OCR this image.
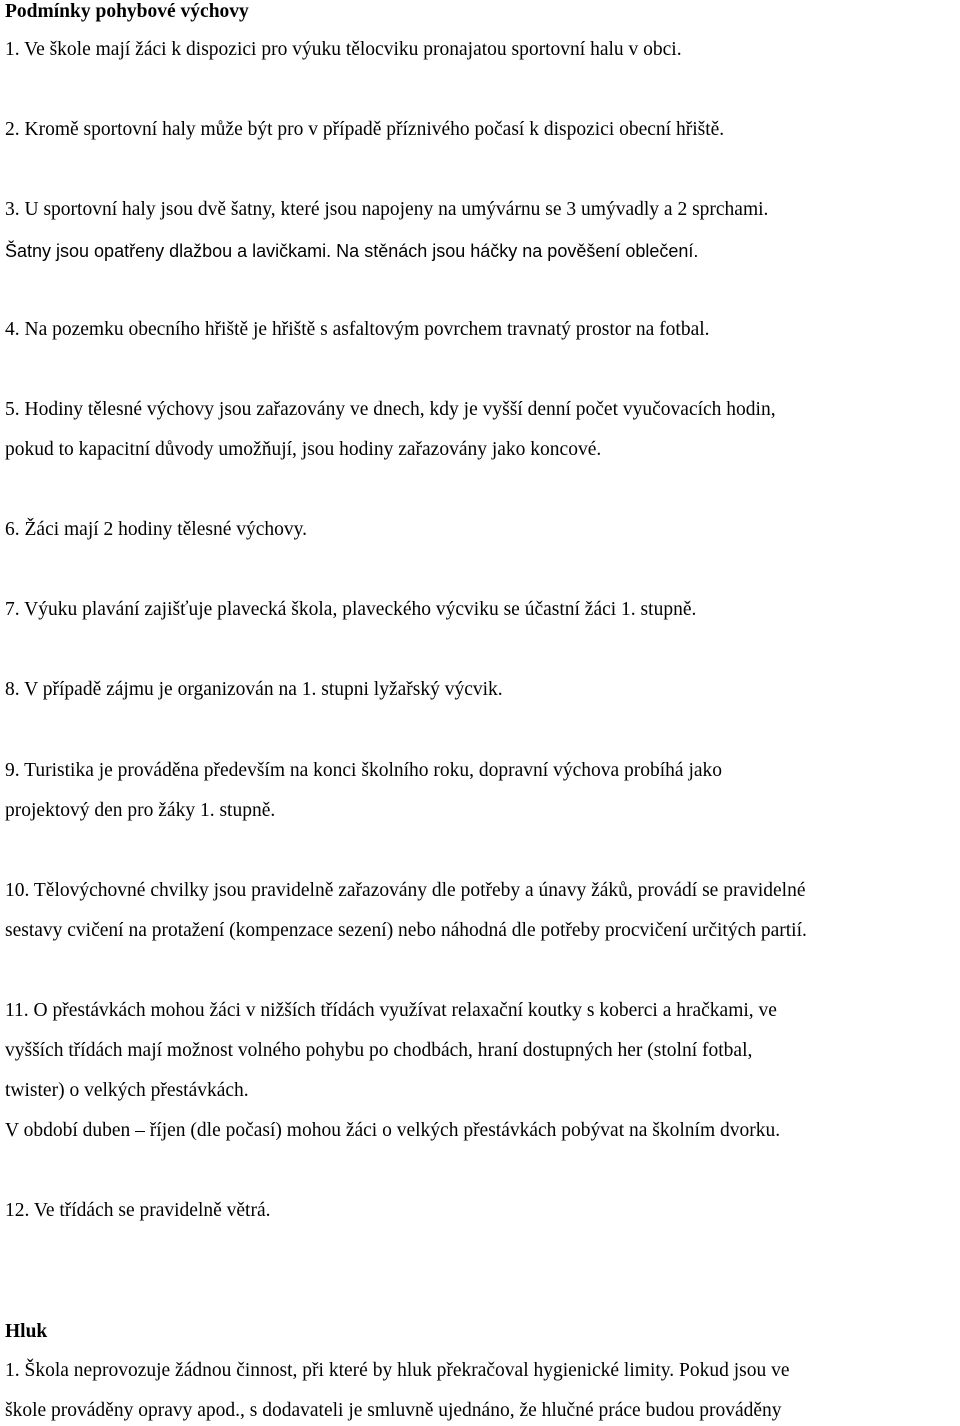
Podmínky pohybové výchovy
1. Ve škole mají žáci k dispozici pro výuku tělocviku pronajatou sportovní halu v obci.
2. Kromě sportovní haly může být pro v případě příznivého počasí k dispozici obecní hřiště.
3. U sportovní haly jsou dvě šatny, které jsou napojeny na umývárnu se 3 umývadly a 2 sprchami.
Šatny jsou opatřeny dlažbou a lavičkami. Na stěnách jsou háčky na pověšení oblečení.
4. Na pozemku obecního hřiště je hřiště s asfaltovým povrchem travnatý prostor na fotbal.
5. Hodiny tělesné výchovy jsou zařazovány ve dnech, kdy je vyšší denní počet vyučovacích hodin,
pokud to kapacitní důvody umožňují, jsou hodiny zařazovány jako koncové.
6. Žáci mají 2 hodiny tělesné výchovy.
7. Výuku plavání zajišťuje plavecká škola, plaveckého výcviku se účastní žáci 1. stupně.
8. V případě zájmu je organizován na 1. stupni lyžařský výcvik.
9. Turistika je prováděna především na konci školního roku, dopravní výchova probíhá jako
projektový den pro žáky 1. stupně.
10. Tělovýchovné chvilky jsou pravidelně zařazovány dle potřeby a únavy žáků, provádí se pravidelné
sestavy cvičení na protažení (kompenzace sezení) nebo náhodná dle potřeby procvičení určitých partií.
11. O přestávkách mohou žáci v nižších třídách využívat relaxační koutky s koberci a hračkami, ve
vyšších třídách mají možnost volného pohybu po chodbách, hraní dostupných her (stolní fotbal,
twister) o velkých přestávkách.
V období duben – říjen (dle počasí) mohou žáci o velkých přestávkách pobývat na školním dvorku.
12. Ve třídách se pravidelně větrá.
Hluk
1. Škola neprovozuje žádnou činnost, při které by hluk překračoval hygienické limity. Pokud jsou ve
škole prováděny opravy apod., s dodavateli je smluvně ujednáno, že hlučné práce budou prováděny
